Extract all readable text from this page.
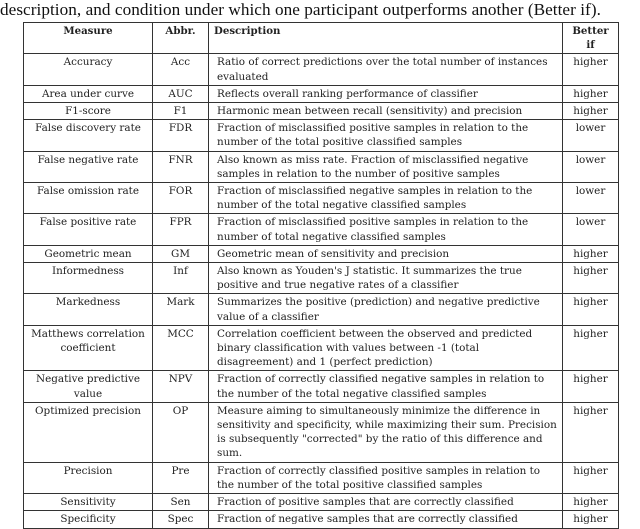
description, and condition under which one participant outperforms another (Better if).
Measure	Abbr.	Description	Better if
Accuracy	Acc	Ratio of correct predictions over the total number of instances evaluated	higher
Area under curve	AUC	Reflects overall ranking performance of classifier	higher
F1-score	F1	Harmonic mean between recall (sensitivity) and precision	higher
False discovery rate	FDR	Fraction of misclassified positive samples in relation to the number of the total positive classified samples	lower
False negative rate	FNR	Also known as miss rate. Fraction of misclassified negative samples in relation to the number of positive samples	lower
False omission rate	FOR	Fraction of misclassified negative samples in relation to the number of the total negative classified samples	lower
False positive rate	FPR	Fraction of misclassified positive samples in relation to the number of total negative classified samples	lower
Geometric mean	GM	Geometric mean of sensitivity and precision	higher
Informedness	Inf	Also known as Youden's J statistic. It summarizes the true positive and true negative rates of a classifier	higher
Markedness	Mark	Summarizes the positive (prediction) and negative predictive value of a classifier	higher
Matthews correlation coefficient	MCC	Correlation coefficient between the observed and predicted binary classification with values between -1 (total disagreement) and 1 (perfect prediction)	higher
Negative predictive value	NPV	Fraction of correctly classified negative samples in relation to the number of the total negative classified samples	higher
Optimized precision	OP	Measure aiming to simultaneously minimize the difference in sensitivity and specificity, while maximizing their sum. Precision is subsequently "corrected" by the ratio of this difference and sum.	higher
Precision	Pre	Fraction of correctly classified positive samples in relation to the number of the total positive classified samples	higher
Sensitivity	Sen	Fraction of positive samples that are correctly classified	higher
Specificity	Spec	Fraction of negative samples that are correctly classified	higher
